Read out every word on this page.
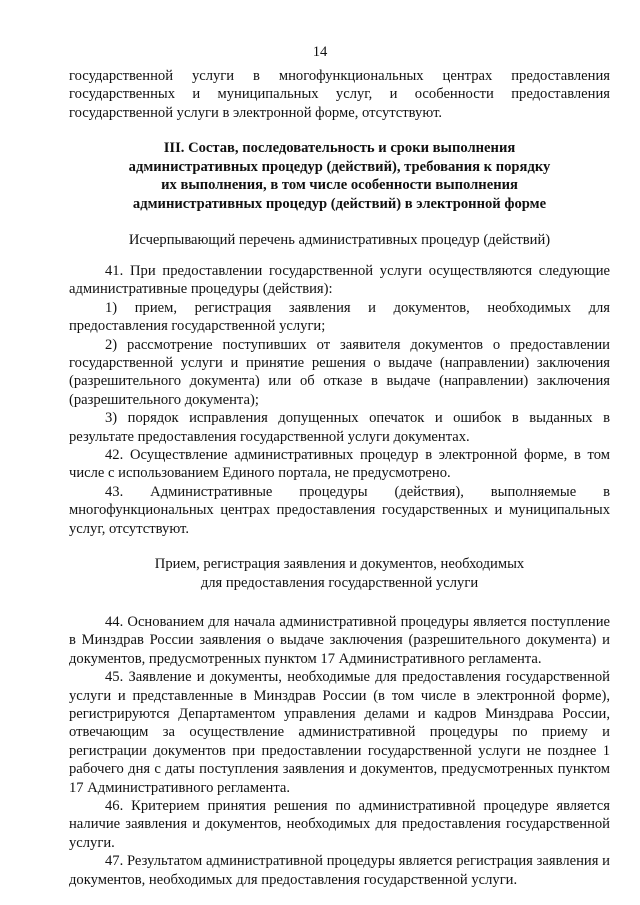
14

государственной услуги в многофункциональных центрах предоставления государственных и муниципальных услуг, и особенности предоставления государственной услуги в электронной форме, отсутствуют.

III. Состав, последовательность и сроки выполнения
административных процедур (действий), требования к порядку
их выполнения, в том числе особенности выполнения
административных процедур (действий) в электронной форме
Исчерпывающий перечень административных процедур (действий)

41. При предоставлении государственной услуги осуществляются следующие административные процедуры (действия):

1) прием, регистрация заявления и документов, необходимых для предоставления государственной услуги;

2) рассмотрение поступивших от заявителя документов о предоставлении государственной услуги и принятие решения о выдаче (направлении) заключения (разрешительного документа) или об отказе в выдаче (направлении) заключения (разрешительного документа);

3) порядок исправления допущенных опечаток и ошибок в выданных в результате предоставления государственной услуги документах.

42. Осуществление административных процедур в электронной форме, в том числе с использованием Единого портала, не предусмотрено.

43. Административные процедуры (действия), выполняемые в многофункциональных центрах предоставления государственных и муниципальных услуг, отсутствуют.

Прием, регистрация заявления и документов, необходимых
для предоставления государственной услуги

44. Основанием для начала административной процедуры является поступление в Минздрав России заявления о выдаче заключения (разрешительного документа) и документов, предусмотренных пунктом 17 Административного регламента.

45. Заявление и документы, необходимые для предоставления государственной услуги и представленные в Минздрав России (в том числе в электронной форме), регистрируются Департаментом управления делами и кадров Минздрава России, отвечающим за осуществление административной процедуры по приему и регистрации документов при предоставлении государственной услуги не позднее 1 рабочего дня с даты поступления заявления и документов, предусмотренных пунктом 17 Административного регламента.

46. Критерием принятия решения по административной процедуре является наличие заявления и документов, необходимых для предоставления государственной услуги.

47. Результатом административной процедуры является регистрация заявления и документов, необходимых для предоставления государственной услуги.
